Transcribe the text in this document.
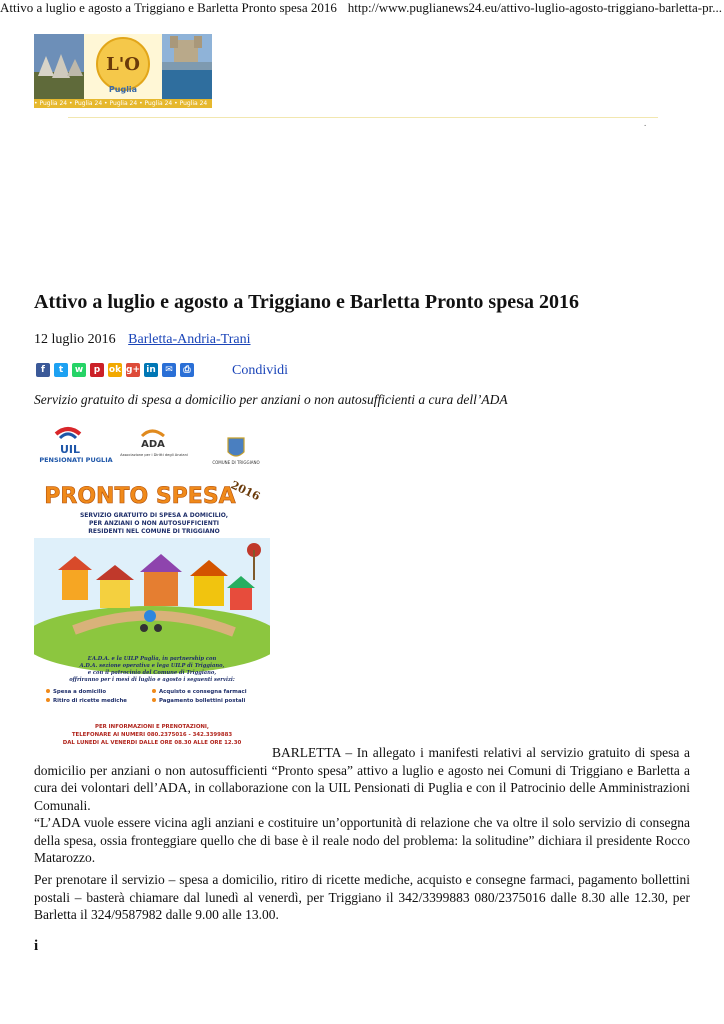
Attivo a luglio e agosto a Triggiano e Barletta Pronto spesa 2016 http://www.puglianews24.eu/attivo-luglio-agosto-triggiano-barletta-pr...
L'O
Puglia
• Puglia 24 • Puglia 24 • Puglia 24 • Puglia 24 • Puglia 24
.
Attivo a luglio e agosto a Triggiano e Barletta Pronto spesa 2016
12 luglio 2016 Barletta-Andria-Trani
f	t	w	p ok g+ in	✉	⎙	Condividi
Servizio gratuito di spesa a domicilio per anziani o non autosufficienti a cura dell’ADA
UIL
PENSIONATI PUGLIA
ADA
Associazione per i Diritti degli Anziani
COMUNE DI TRIGGIANO
PRONTO SPESA
2016
SERVIZIO GRATUITO DI SPESA A DOMICILIO,
PER ANZIANI O NON AUTOSUFFICIENTI
RESIDENTI NEL COMUNE DI TRIGGIANO
L’A.D.A. e la UILP Puglia, in partnership con
A.D.A. sezione operativa e lega UILP di Triggiano,
e con il patrocinio del Comune di Triggiano,
offriranno per i mesi di luglio e agosto i seguenti servizi:
Spesa a domicilio	Acquisto e consegna farmaci
Ritiro di ricette mediche	Pagamento bollettini postali
PER INFORMAZIONI E PRENOTAZIONI,
TELEFONARE AI NUMERI 080.2375016 - 342.3399883
DAL LUNEDI AL VENERDI DALLE ORE 08.30 ALLE ORE 12.30
BARLETTA – In allegato i manifesti relativi al servizio gratuito di spesa a domicilio per anziani o non autosufficienti “Pronto spesa” attivo a luglio e agosto nei Comuni di Triggiano e Barletta a cura dei volontari dell’ADA, in collaborazione con la UIL Pensionati di Puglia e con il Patrocinio delle Amministrazioni Comunali.
“L’ADA vuole essere vicina agli anziani e costituire un’opportunità di relazione che va oltre il solo servizio di consegna della spesa, ossia fronteggiare quello che di base è il reale nodo del problema: la solitudine” dichiara il presidente Rocco Matarozzo.
Per prenotare il servizio – spesa a domicilio, ritiro di ricette mediche, acquisto e consegne farmaci, pagamento bollettini postali – basterà chiamare dal lunedì al venerdì, per Triggiano il 342/3399883 080/2375016 dalle 8.30 alle 12.30, per Barletta il 324/9587982 dalle 9.00 alle 13.00.
i
